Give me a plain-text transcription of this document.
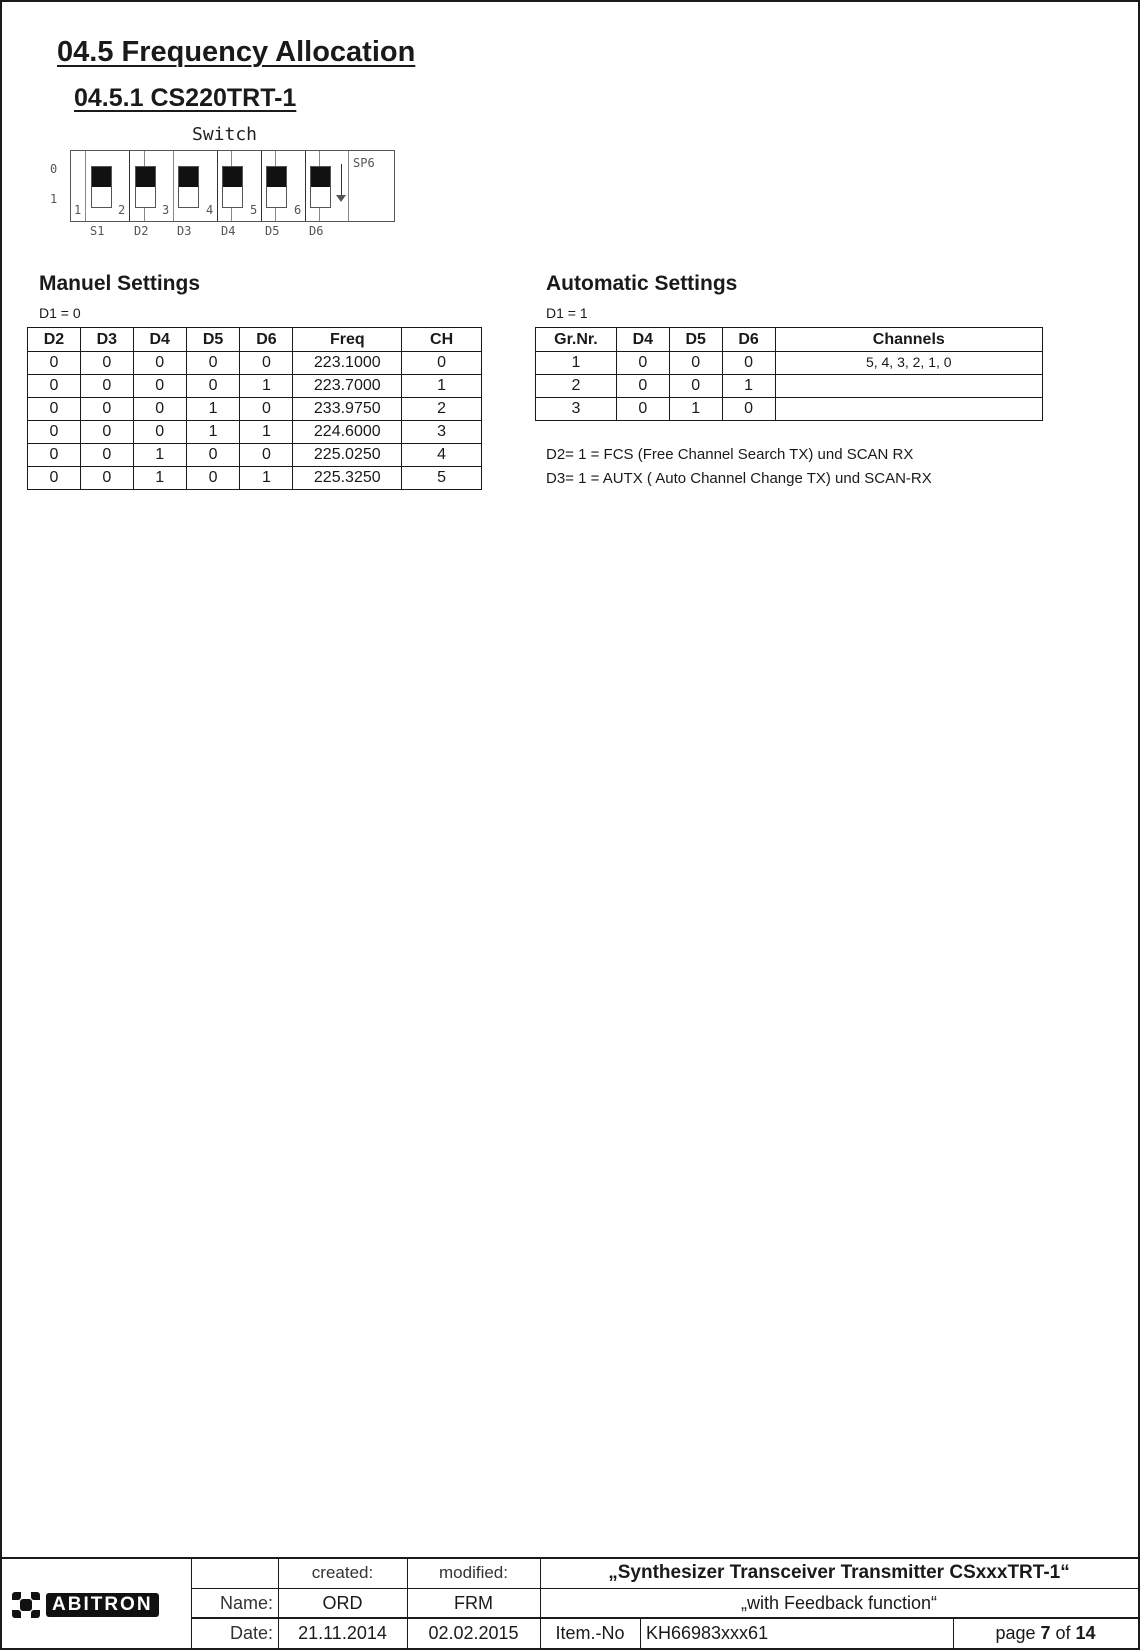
04.5 Frequency Allocation
04.5.1 CS220TRT-1
Switch
0
1
1	2	3	4	5	6
SP6
S1 D2 D3 D4 D5 D6
Manuel Settings
D1 = 0
D2	D3	D4	D5	D6	Freq	CH
0	0	0	0	0	223.1000	0
0	0	0	0	1	223.7000	1
0	0	0	1	0	233.9750	2
0	0	0	1	1	224.6000	3
0	0	1	0	0	225.0250	4
0	0	1	0	1	225.3250	5
Automatic Settings
D1 = 1
Gr.Nr.	D4	D5	D6	Channels
1	0	0	0	5, 4, 3, 2, 1, 0
2	0	0	1	
3	0	1	0	
D2= 1 = FCS (Free Channel Search TX) und SCAN RX
D3= 1 = AUTX ( Auto Channel Change TX) und SCAN-RX
ABITRON
created:	modified:	„Synthesizer Transceiver Transmitter CSxxxTRT-1“
Name:	ORD	FRM	„with Feedback function“
Date:	21.11.2014	02.02.2015	Item.-No	KH66983xxx61	page 7 of 14
